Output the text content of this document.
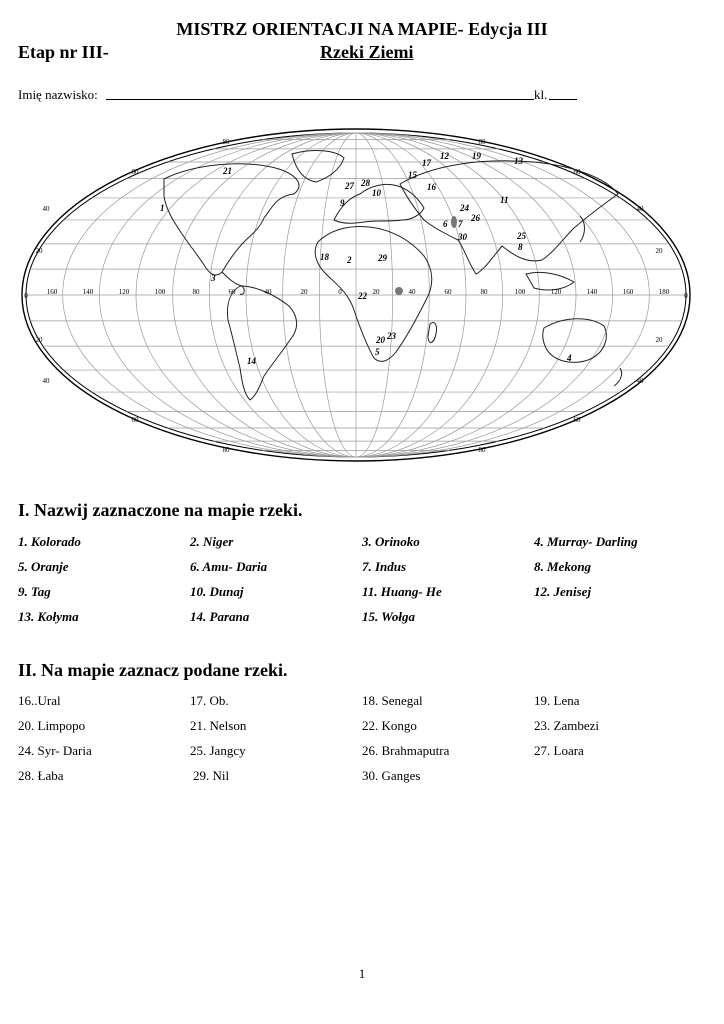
MISTRZ ORIENTACJI NA MAPIE- Edycja III
Etap nr III-	Rzeki Ziemi
Imię nazwisko:	kl.
160	140	120	100	80	60	40	20	0	20	40	60	80	100	120	140	160	180
80	80
60	60
40	40
20	20
0	0
20	20
40	40
60	60
80	80
1
2
3
4
5
6 7
8
9
10
11
12	13
14
15
16
17
18
19
20
21
22
23
24
25
26
27 28
29
30
I. Nazwij zaznaczone na mapie rzeki.
1. Kolorado	2. Niger	3. Orinoko	4. Murray- Darling
5. Oranje	6. Amu- Daria	7. Indus	8. Mekong
9. Tag	10. Dunaj	11. Huang- He	12. Jenisej
13. Kołyma	14. Parana	15. Wołga
II. Na mapie zaznacz podane rzeki.
16..Ural	17. Ob.	18. Senegal	19. Lena
20. Limpopo	21. Nelson	22. Kongo	23. Zambezi
24. Syr- Daria	25. Jangcy	26. Brahmaputra	27. Loara
28. Łaba	29. Nil	30. Ganges
1
